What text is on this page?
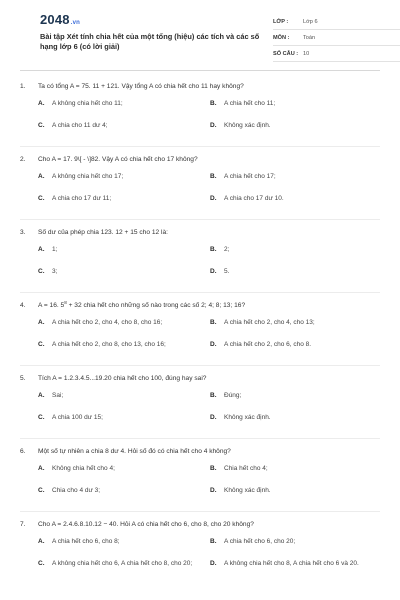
2048.vn
Bài tập Xét tính chia hết của một tổng (hiệu) các tích và các số hạng lớp 6 (có lời giải)
LỚP :	Lớp 6
MÔN :	Toán
SỐ CÂU : 10
1.	Ta có tổng A = 75. 11 + 121. Vậy tổng A có chia hết cho 11 hay không?
A.	A không chia hết cho 11;	B.	A chia hết cho 11;
C.	A chia cho 11 dư 4;	D.	Không xác định.
2.	Cho A = 17. 9\[ - \]82. Vậy A có chia hết cho 17 không?
A.	A không chia hết cho 17;	B.	A chia hết cho 17;
C.	A chia cho 17 dư 11;	D.	A chia cho 17 dư 10.
3.	Số dư của phép chia 123. 12 + 15 cho 12 là:
A.	1;	B.	2;
C.	3;	D.	5.
4.	A = 16. $5^8 + 32$ chia hết cho những số nào trong các số 2; 4; 8; 13; 16?
A.	A chia hết cho 2, cho 4, cho 8, cho 16;	B.	A chia hết cho 2, cho 4, cho 13;
C.	A chia hết cho 2, cho 8, cho 13, cho 16;	D.	A chia hết cho 2, cho 6, cho 8.
5.	Tích A = 1.2.3.4.5...19.20 chia hết cho 100, đúng hay sai?
A.	Sai;	B.	Đúng;
C.	A chia 100 dư 15;	D.	Không xác định.
6.	Một số tự nhiên a chia 8 dư 4. Hỏi số đó có chia hết cho 4 không?
A.	Không chia hết cho 4;	B.	Chia hết cho 4;
C.	Chia cho 4 dư 3;	D.	Không xác định.
7.	Cho A = 2.4.6.8.10.12 − 40. Hỏi A có chia hết cho 6, cho 8, cho 20 không?
A.	A chia hết cho 6, cho 8;	B.	A chia hết cho 6, cho 20;
C.	A không chia hết cho 6, A chia hết cho 8, cho 20;	D.	A không chia hết cho 8, A chia hết cho 6 và 20.
